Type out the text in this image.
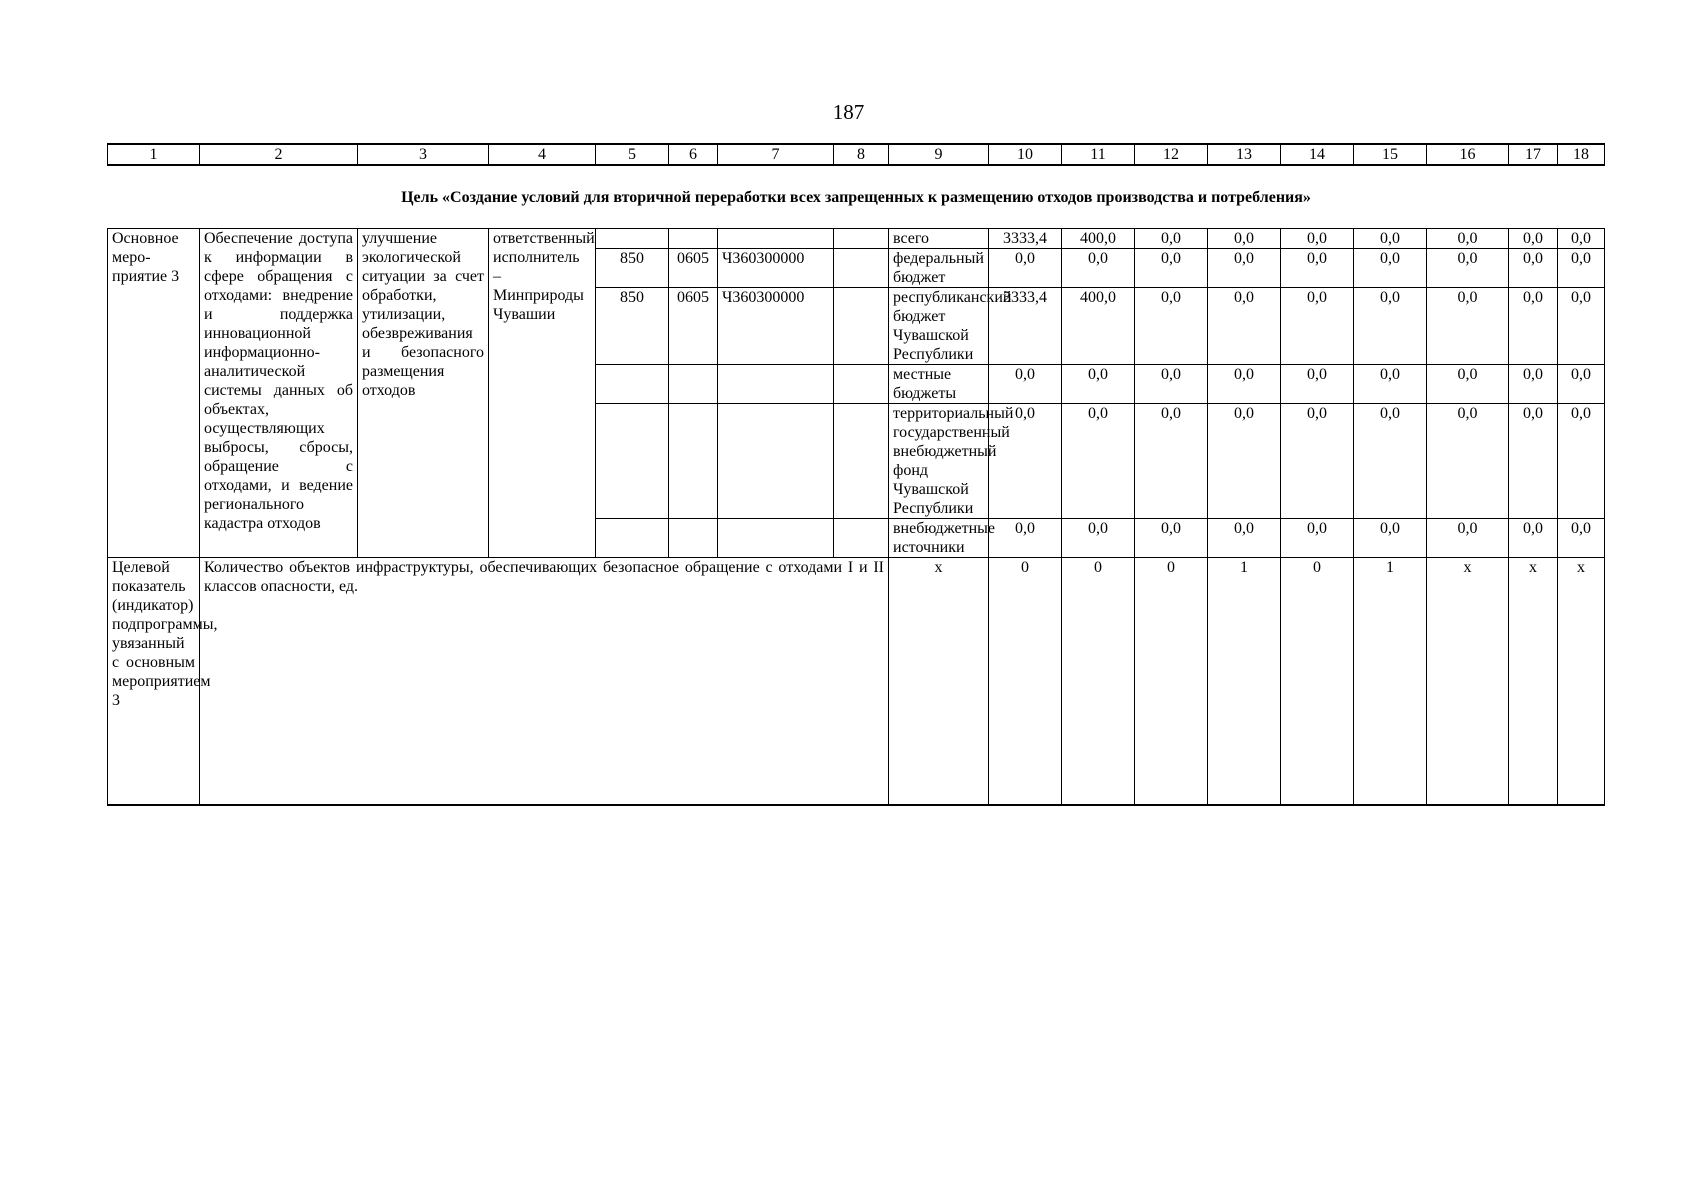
187
1	2	3	4	5	6	7	8	9	10	11	12	13	14	15	16	17	18
Цель «Создание условий для вторичной переработки всех запрещенных к размещению отходов производства и потребления»																	
Основное меро-приятие 3	Обеспечение доступа к информации в сфере обращения с отходами: внедрение и поддержка инновационной информационно-аналитической системы данных об объектах, осуществляющих выбросы, сбросы, обращение с отходами, и ведение регионального кадастра отходов	улучшение экологической ситуации за счет обработки, утилизации, обезвреживания и безопасного размещения отходов	ответственный исполнитель – Минприроды Чувашии					всего	3333,4	400,0	0,0	0,0	0,0	0,0	0,0	0,0	0,0
				850	0605	Ч360300000		федеральный бюджет	0,0	0,0	0,0	0,0	0,0	0,0	0,0	0,0	0,0
				850	0605	Ч360300000		республиканский бюджет Чувашской Республики	3333,4	400,0	0,0	0,0	0,0	0,0	0,0	0,0	0,0
								местные бюджеты	0,0	0,0	0,0	0,0	0,0	0,0	0,0	0,0	0,0
								территориальный государственный внебюджетный фонд Чувашской Республики	0,0	0,0	0,0	0,0	0,0	0,0	0,0	0,0	0,0
								внебюджетные источники	0,0	0,0	0,0	0,0	0,0	0,0	0,0	0,0	0,0
Целевой показатель (индикатор) подпрограммы, увязанный с основным мероприятием 3	Количество объектов инфраструктуры, обеспечивающих безопасное обращение с отходами I и II классов опасности, ед.							x	0	0	0	1	0	1	x	x	x
